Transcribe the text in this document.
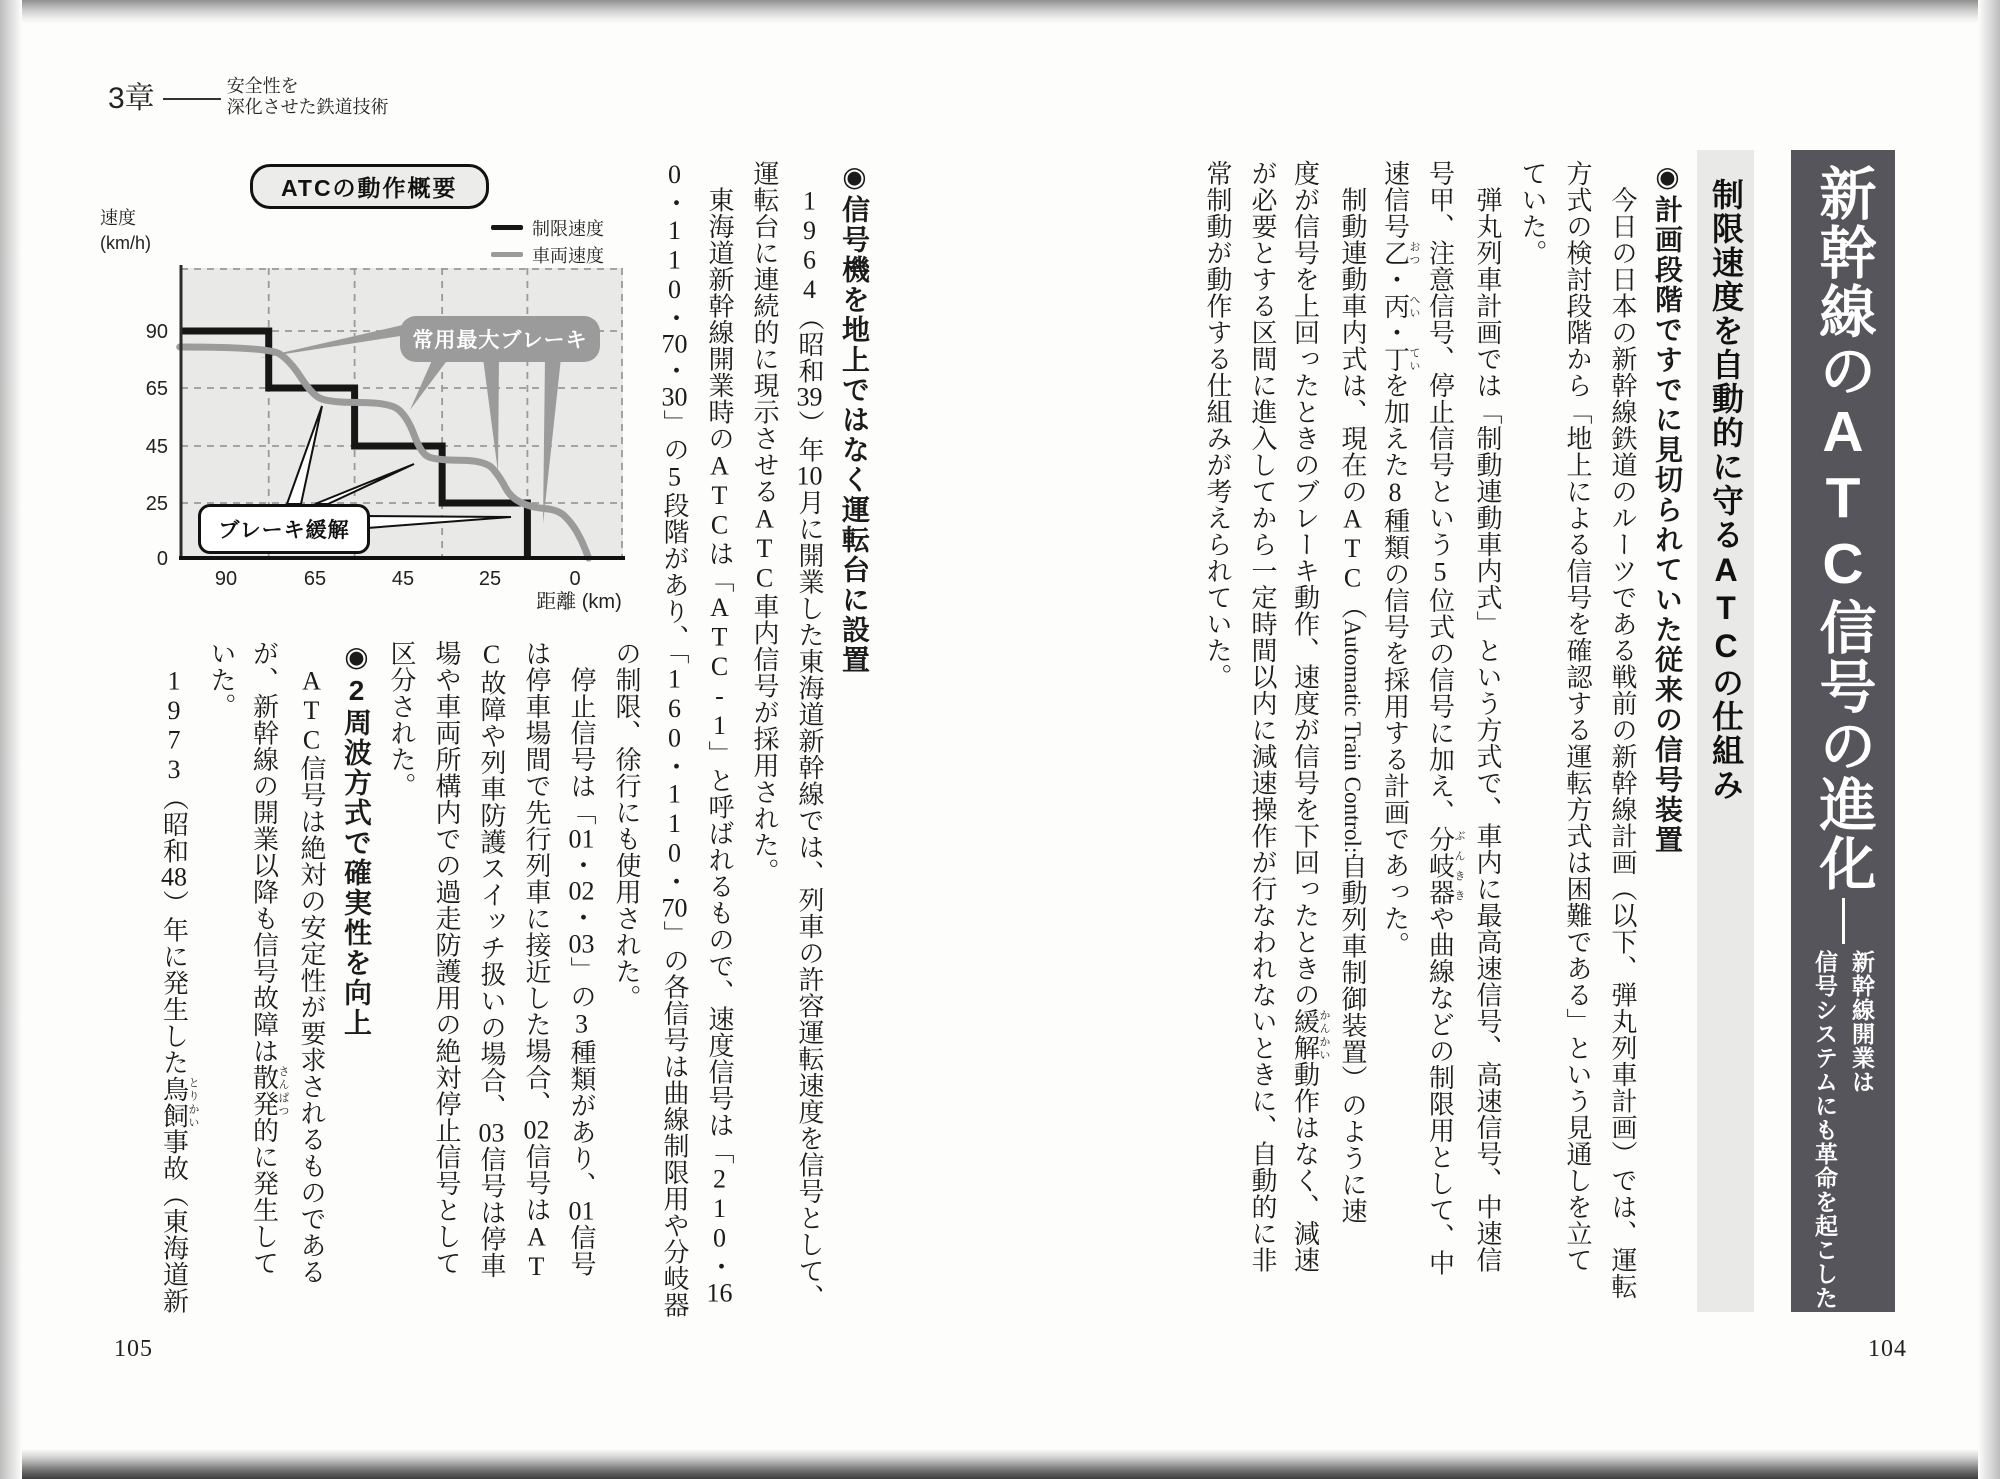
3章	安全性を
深化させた鉄道技術
ATCの動作概要
制限速度
車両速度
速度
(km/h)
90	65	45	25	0
90
65
45
25
0
距離 (km)
常用最大ブレーキ
ブレーキ緩解	◉信号機を地上ではなく運転台に設置
　1964（昭和39）年10月に開業した東海道新幹線では、列車の許容運転速度を信号として、
運転台に連続的に現示させるATC車内信号が採用された。
　東海道新幹線開業時のATCは「ATC-1」と呼ばれるもので、速度信号は「210・16
0・110・70・30」の5段階があり、「160・110・70」の各信号は曲線制限用や分岐器
の制限、徐行にも使用された。
　停止信号は「01・02・03」の3種類があり、01信号
は停車場間で先行列車に接近した場合、02信号はAT
C故障や列車防護スイッチ扱いの場合、03信号は停車
場や車両所構内での過走防護用の絶対停止信号として
区分された。
◉2周波方式で確実性を向上
　ATC信号は絶対の安定性が要求されるものである
が、新幹線の開業以降も信号故障は散発さんぱつ的に発生して
いた。
　1973（昭和48）年に発生した鳥飼とりかい事故（東海道新
105
◉計画段階ですでに見切られていた従来の信号装置
　今日の日本の新幹線鉄道のルーツである戦前の新幹線計画（以下、弾丸列車計画）では、運転
方式の検討段階から「地上による信号を確認する運転方式は困難である」という見通しを立て
ていた。
　弾丸列車計画では「制動連動車内式」という方式で、車内に最高速信号、高速信号、中速信
号甲、注意信号、停止信号という5位式の信号に加え、分岐器ぶんききや曲線などの制限用として、中
速信号乙おつ・丙へい・丁ていを加えた8種類の信号を採用する計画であった。
　制動連動車内式は、現在のATC（Automatic Train Control:自動列車制御装置）のように速
度が信号を上回ったときのブレーキ動作、速度が信号を下回ったときの緩解かんかい動作はなく、減速
が必要とする区間に進入してから一定時間以内に減速操作が行なわれないときに、自動的に非
常制動が動作する仕組みが考えられていた。	制限速度を自動的に守るATCの仕組み	新幹線のATC信号の進化
新幹線開業は
信号システムにも革命を起こした
104
